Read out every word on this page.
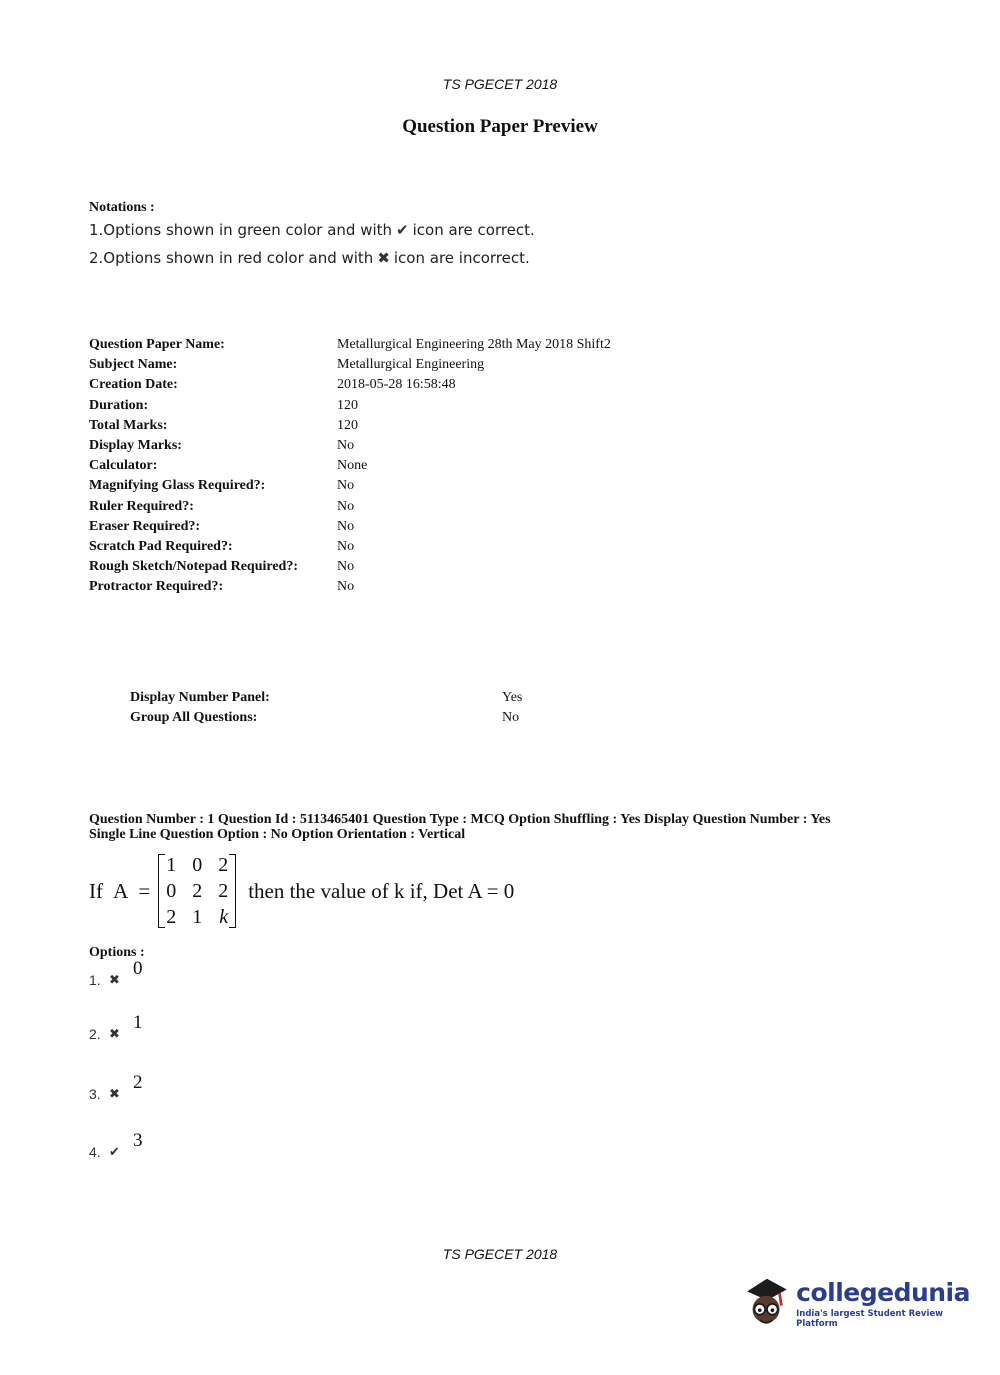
TS PGECET 2018
Question Paper Preview
Notations :
1.Options shown in green color and with ✔ icon are correct.
2.Options shown in red color and with ✖ icon are incorrect.
Question Paper Name:	Metallurgical Engineering 28th May 2018 Shift2
Subject Name:	Metallurgical Engineering
Creation Date:	2018-05-28 16:58:48
Duration:	120
Total Marks:	120
Display Marks:	No
Calculator:	None
Magnifying Glass Required?:	No
Ruler Required?:	No
Eraser Required?:	No
Scratch Pad Required?:	No
Rough Sketch/Notepad Required?:	No
Protractor Required?:	No
Display Number Panel:	Yes
Group All Questions:	No
Question Number : 1 Question Id : 5113465401 Question Type : MCQ Option Shuffling : Yes Display Question Number : Yes
Single Line Question Option : No Option Orientation : Vertical
If A =
1	0	2
0	2	2
2	1	k
then the value of k if, Det A = 0
Options :
1. ✖
0
2. ✖
1
3. ✖
2
4. ✔
3
TS PGECET 2018
collegedunia
India's largest Student Review Platform
